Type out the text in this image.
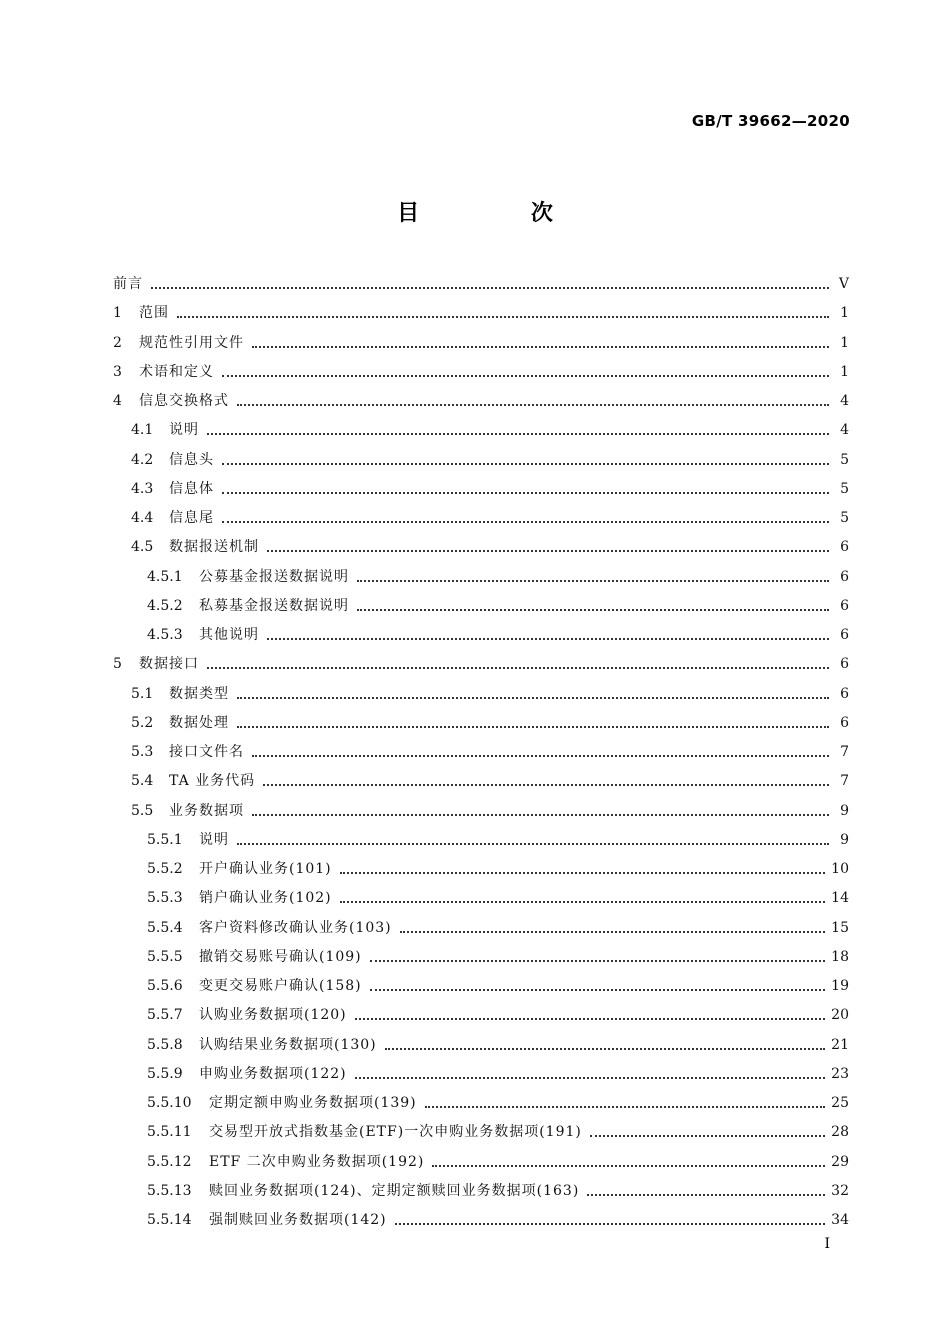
GB/T 39662—2020
目 次
前言	V
1 范围	1
2 规范性引用文件	1
3 术语和定义	1
4 信息交换格式	4
4.1 说明	4
4.2 信息头	5
4.3 信息体	5
4.4 信息尾	5
4.5 数据报送机制	6
4.5.1 公募基金报送数据说明	6
4.5.2 私募基金报送数据说明	6
4.5.3 其他说明	6
5 数据接口	6
5.1 数据类型	6
5.2 数据处理	6
5.3 接口文件名	7
5.4 TA 业务代码	7
5.5 业务数据项	9
5.5.1 说明	9
5.5.2 开户确认业务(101)	10
5.5.3 销户确认业务(102)	14
5.5.4 客户资料修改确认业务(103)	15
5.5.5 撤销交易账号确认(109)	18
5.5.6 变更交易账户确认(158)	19
5.5.7 认购业务数据项(120)	20
5.5.8 认购结果业务数据项(130)	21
5.5.9 申购业务数据项(122)	23
5.5.10 定期定额申购业务数据项(139)	25
5.5.11 交易型开放式指数基金(ETF)一次申购业务数据项(191)	28
5.5.12 ETF 二次申购业务数据项(192)	29
5.5.13 赎回业务数据项(124)、定期定额赎回业务数据项(163)	32
5.5.14 强制赎回业务数据项(142)	34
I
